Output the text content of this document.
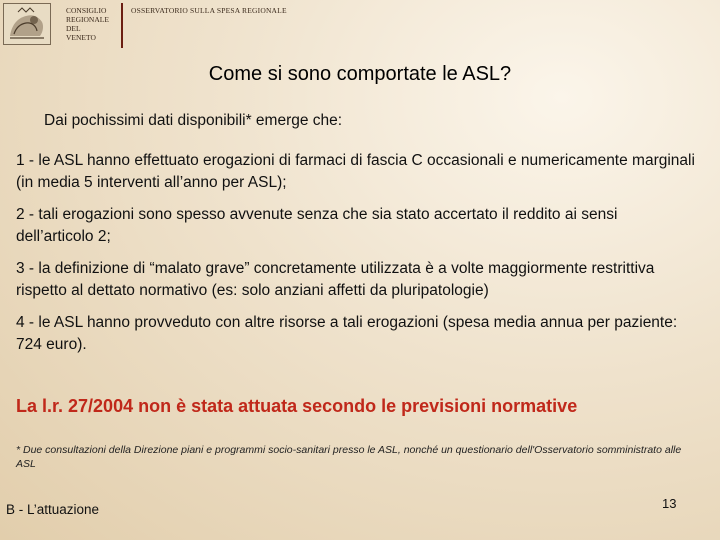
CONSIGLIO
REGIONALE
DEL
VENETO
OSSERVATORIO SULLA SPESA REGIONALE
Come si sono comportate le ASL?
Dai pochissimi dati disponibili* emerge che:
1 - le ASL hanno effettuato erogazioni di farmaci di fascia C occasionali e numericamente marginali (in media 5 interventi all’anno per ASL);
2 - tali erogazioni sono spesso avvenute senza che sia stato accertato il reddito ai sensi dell’articolo 2;
3 - la definizione di “malato grave” concretamente utilizzata è a volte maggiormente restrittiva rispetto al dettato normativo (es: solo anziani affetti da pluripatologie)
4 - le ASL hanno provveduto con altre risorse a tali erogazioni (spesa media annua per paziente: 724 euro).
La l.r. 27/2004 non è stata attuata secondo le previsioni normative
* Due consultazioni della Direzione piani e programmi socio-sanitari presso le ASL, nonché un questionario dell'Osservatorio somministrato alle ASL
B - L’attuazione	13
